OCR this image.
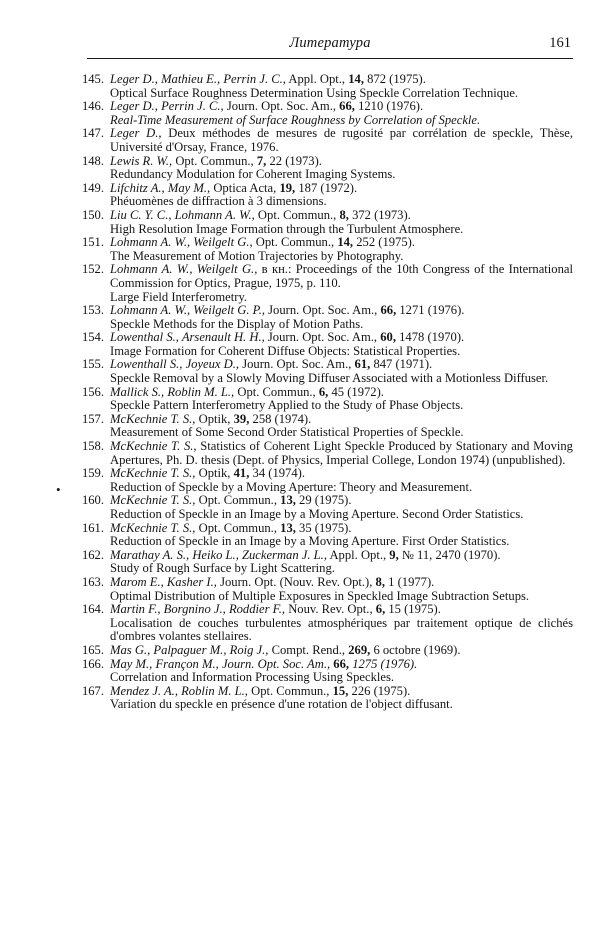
Литература	161
•
145. Leger D., Mathieu E., Perrin J. C., Appl. Opt., 14, 872 (1975).
Optical Surface Roughness Determination Using Speckle Correlation Technique.
146. Leger D., Perrin J. C., Journ. Opt. Soc. Am., 66, 1210 (1976).
Real-Time Measurement of Surface Roughness by Correlation of Speckle.
147. Leger D., Deux méthodes de mesures de rugosité par corrélation de speckle, Thèse, Université d'Orsay, France, 1976.
148. Lewis R. W., Opt. Commun., 7, 22 (1973).
Redundancy Modulation for Coherent Imaging Systems.
149. Lifchitz A., May M., Optica Acta, 19, 187 (1972).
Phéuomènes de diffraction à 3 dimensions.
150. Liu C. Y. C., Lohmann A. W., Opt. Commun., 8, 372 (1973).
High Resolution Image Formation through the Turbulent Atmosphere.
151. Lohmann A. W., Weilgelt G., Opt. Commun., 14, 252 (1975).
The Measurement of Motion Trajectories by Photography.
152. Lohmann A. W., Weilgelt G., в кн.: Proceedings of the 10th Congress of the International Commission for Optics, Prague, 1975, p. 110.
Large Field Interferometry.
153. Lohmann A. W., Weilgelt G. P., Journ. Opt. Soc. Am., 66, 1271 (1976).
Speckle Methods for the Display of Motion Paths.
154. Lowenthal S., Arsenault H. H., Journ. Opt. Soc. Am., 60, 1478 (1970).
Image Formation for Coherent Diffuse Objects: Statistical Properties.
155. Lowenthall S., Joyeux D., Journ. Opt. Soc. Am., 61, 847 (1971).
Speckle Removal by a Slowly Moving Diffuser Associated with a Motionless Diffuser.
156. Mallick S., Roblin M. L., Opt. Commun., 6, 45 (1972).
Speckle Pattern Interferometry Applied to the Study of Phase Objects.
157. McKechnie T. S., Optik, 39, 258 (1974).
Measurement of Some Second Order Statistical Properties of Speckle.
158. McKechnie T. S., Statistics of Coherent Light Speckle Produced by Stationary and Moving Apertures, Ph. D. thesis (Dept. of Physics, Imperial College, London 1974) (unpublished).
159. McKechnie T. S., Optik, 41, 34 (1974).
Reduction of Speckle by a Moving Aperture: Theory and Measurement.
160. McKechnie T. S., Opt. Commun., 13, 29 (1975).
Reduction of Speckle in an Image by a Moving Aperture. Second Order Statistics.
161. McKechnie T. S., Opt. Commun., 13, 35 (1975).
Reduction of Speckle in an Image by a Moving Aperture. First Order Statistics.
162. Marathay A. S., Heiko L., Zuckerman J. L., Appl. Opt., 9, № 11, 2470 (1970).
Study of Rough Surface by Light Scattering.
163. Marom E., Kasher I., Journ. Opt. (Nouv. Rev. Opt.), 8, 1 (1977).
Optimal Distribution of Multiple Exposures in Speckled Image Subtraction Setups.
164. Martin F., Borgnino J., Roddier F., Nouv. Rev. Opt., 6, 15 (1975).
Localisation de couches turbulentes atmosphériques par traitement optique de clichés d'ombres volantes stellaires.
165. Mas G., Palpaguer M., Roig J., Compt. Rend., 269, 6 octobre (1969).
166. May M., Françon M., Journ. Opt. Soc. Am., 66, 1275 (1976).
Correlation and Information Processing Using Speckles.
167. Mendez J. A., Roblin M. L., Opt. Commun., 15, 226 (1975).
Variation du speckle en présence d'une rotation de l'object diffusant.
